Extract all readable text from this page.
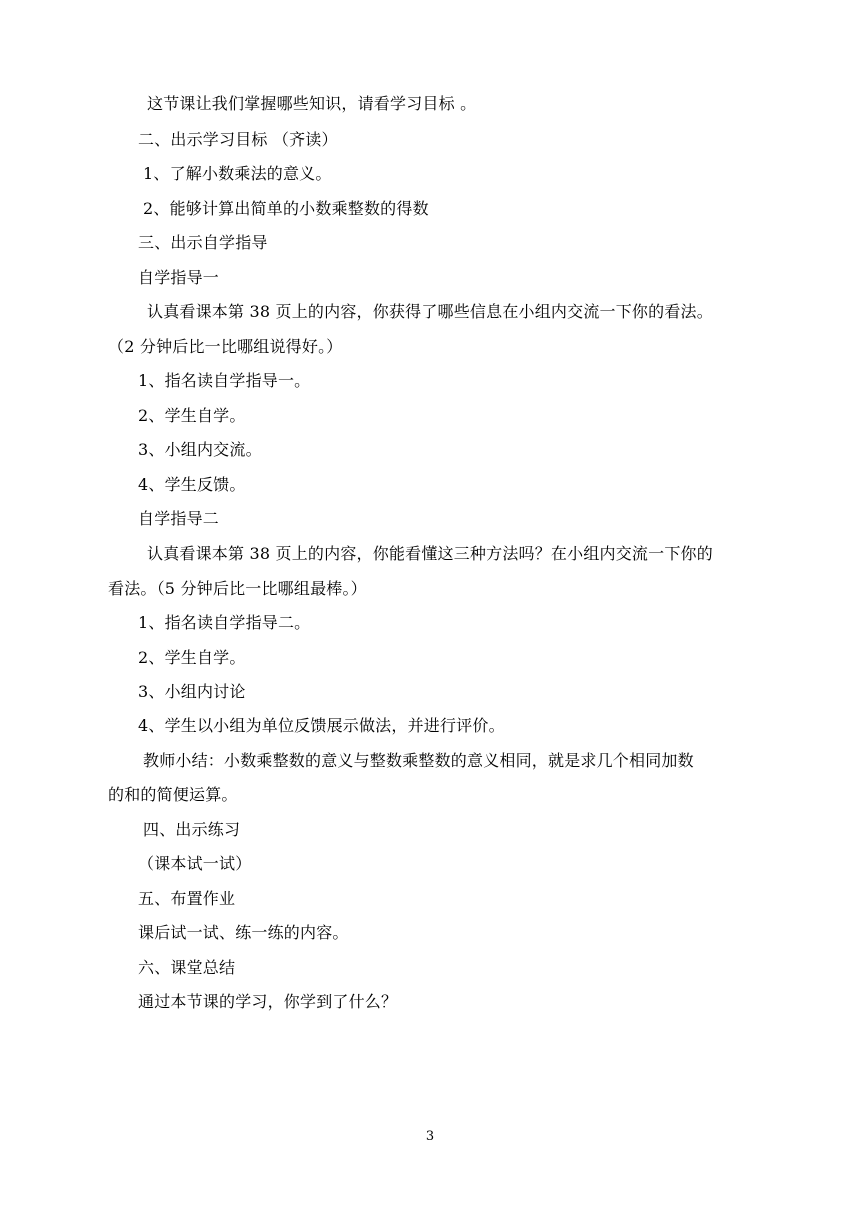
这节课让我们掌握哪些知识，请看学习目标 。
二、出示学习目标 （齐读）
1、了解小数乘法的意义。
2、能够计算出简单的小数乘整数的得数
三、出示自学指导
自学指导一
认真看课本第 38 页上的内容，你获得了哪些信息在小组内交流一下你的看法。
（2 分钟后比一比哪组说得好。）
1、指名读自学指导一。
2、学生自学。
3、小组内交流。
4、学生反馈。
自学指导二
认真看课本第 38 页上的内容，你能看懂这三种方法吗？在小组内交流一下你的
看法。（5 分钟后比一比哪组最棒。）
1、指名读自学指导二。
2、学生自学。
3、小组内讨论
4、学生以小组为单位反馈展示做法，并进行评价。
教师小结：小数乘整数的意义与整数乘整数的意义相同，就是求几个相同加数
的和的简便运算。
四、出示练习
（课本试一试）
五、布置作业
课后试一试、练一练的内容。
六、课堂总结
通过本节课的学习，你学到了什么？
3
